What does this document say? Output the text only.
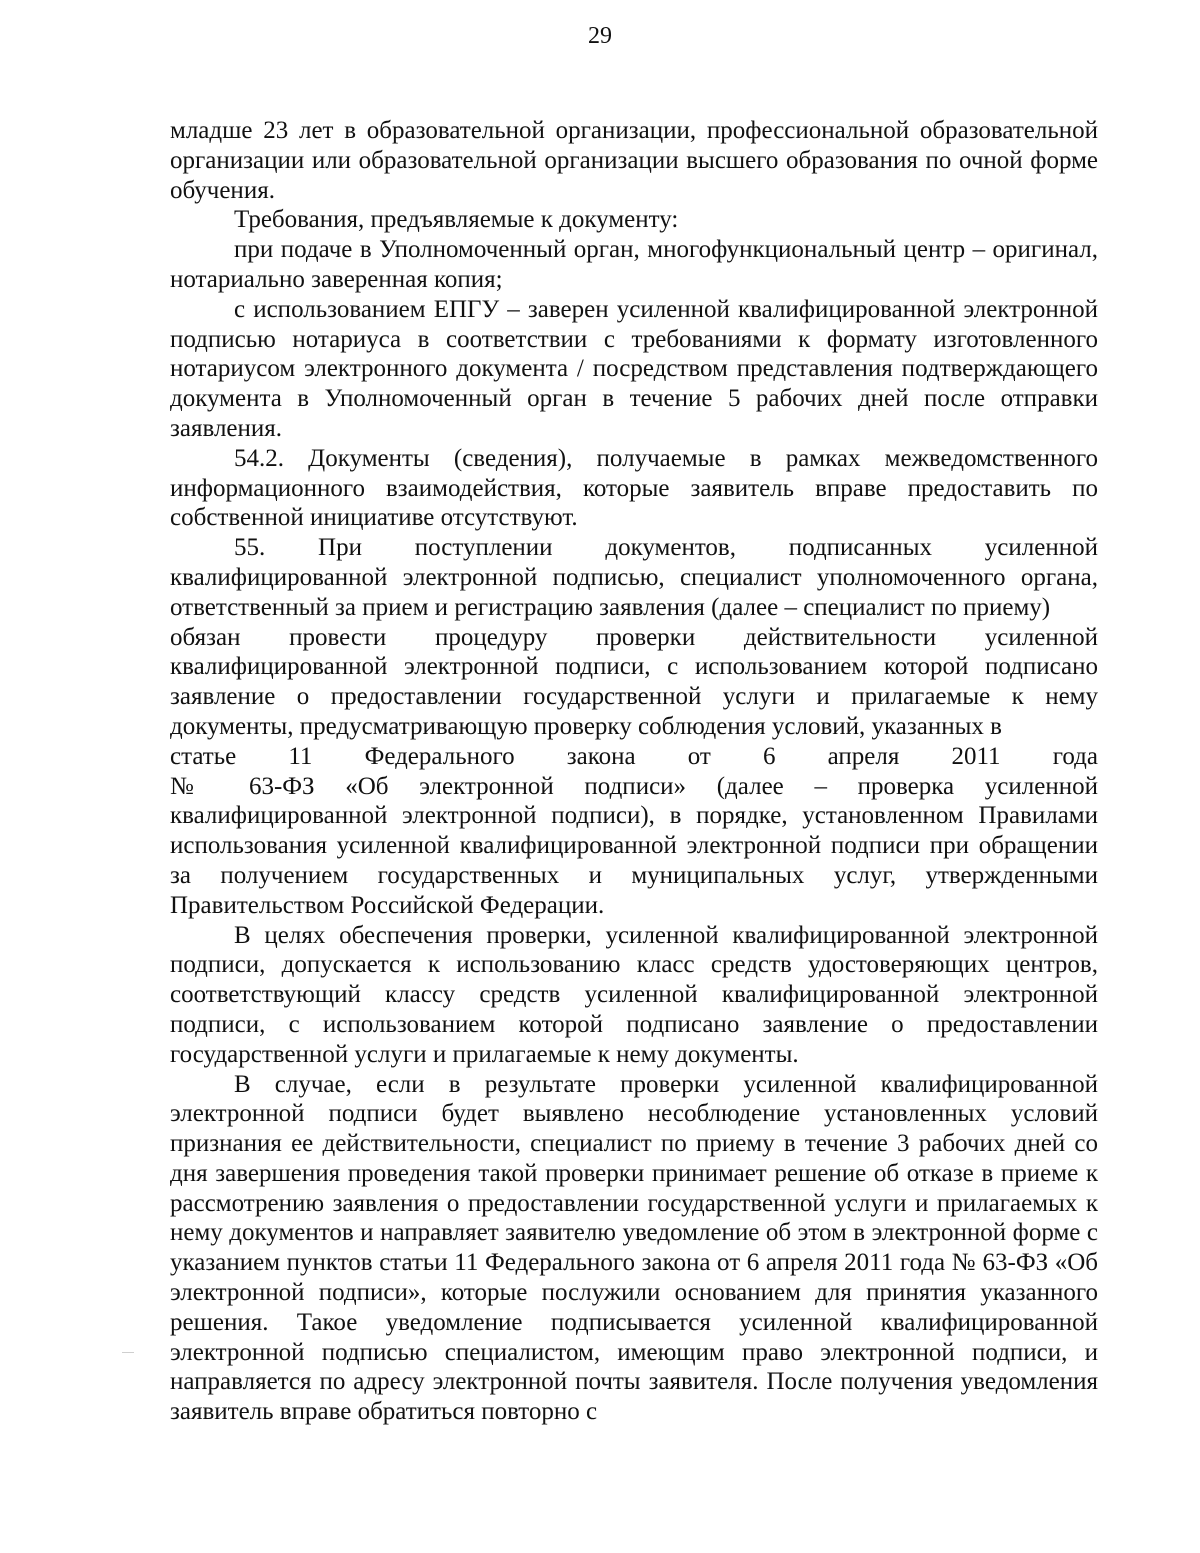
29

младше 23 лет в образовательной организации, профессиональной образовательной организации или образовательной организации высшего образования по очной форме обучения.

Требования, предъявляемые к документу:

при подаче в Уполномоченный орган, многофункциональный центр – оригинал, нотариально заверенная копия;

с использованием ЕПГУ – заверен усиленной квалифицированной электронной подписью нотариуса в соответствии с требованиями к формату изготовленного нотариусом электронного документа / посредством представления подтверждающего документа в Уполномоченный орган в течение 5 рабочих дней после отправки заявления.

54.2. Документы (сведения), получаемые в рамках межведомственного информационного взаимодействия, которые заявитель вправе предоставить по собственной инициативе отсутствуют.

55. При поступлении документов, подписанных усиленной

квалифицированной электронной подписью, специалист уполномоченного органа, ответственный за прием и регистрацию заявления (далее – специалист по приему)

обязан провести процедуру проверки действительности усиленной

квалифицированной электронной подписи, с использованием которой подписано заявление о предоставлении государственной услуги и прилагаемые к нему документы, предусматривающую проверку соблюдения условий, указанных в

статье 11 Федерального закона от 6 апреля 2011 года

№ 63-ФЗ «Об электронной подписи» (далее – проверка усиленной квалифицированной электронной подписи), в порядке, установленном Правилами использования усиленной квалифицированной электронной подписи при обращении за получением государственных и муниципальных услуг, утвержденными Правительством Российской Федерации.

В целях обеспечения проверки, усиленной квалифицированной электронной подписи, допускается к использованию класс средств удостоверяющих центров, соответствующий классу средств усиленной квалифицированной электронной подписи, с использованием которой подписано заявление о предоставлении государственной услуги и прилагаемые к нему документы.

В случае, если в результате проверки усиленной квалифицированной электронной подписи будет выявлено несоблюдение установленных условий признания ее действительности, специалист по приему в течение 3 рабочих дней со дня завершения проведения такой проверки принимает решение об отказе в приеме к рассмотрению заявления о предоставлении государственной услуги и прилагаемых к нему документов и направляет заявителю уведомление об этом в электронной форме с указанием пунктов статьи 11 Федерального закона от 6 апреля 2011 года № 63-ФЗ «Об электронной подписи», которые послужили основанием для принятия указанного решения. Такое уведомление подписывается усиленной квалифицированной электронной подписью специалистом, имеющим право электронной подписи, и направляется по адресу электронной почты заявителя. После получения уведомления заявитель вправе обратиться повторно с
